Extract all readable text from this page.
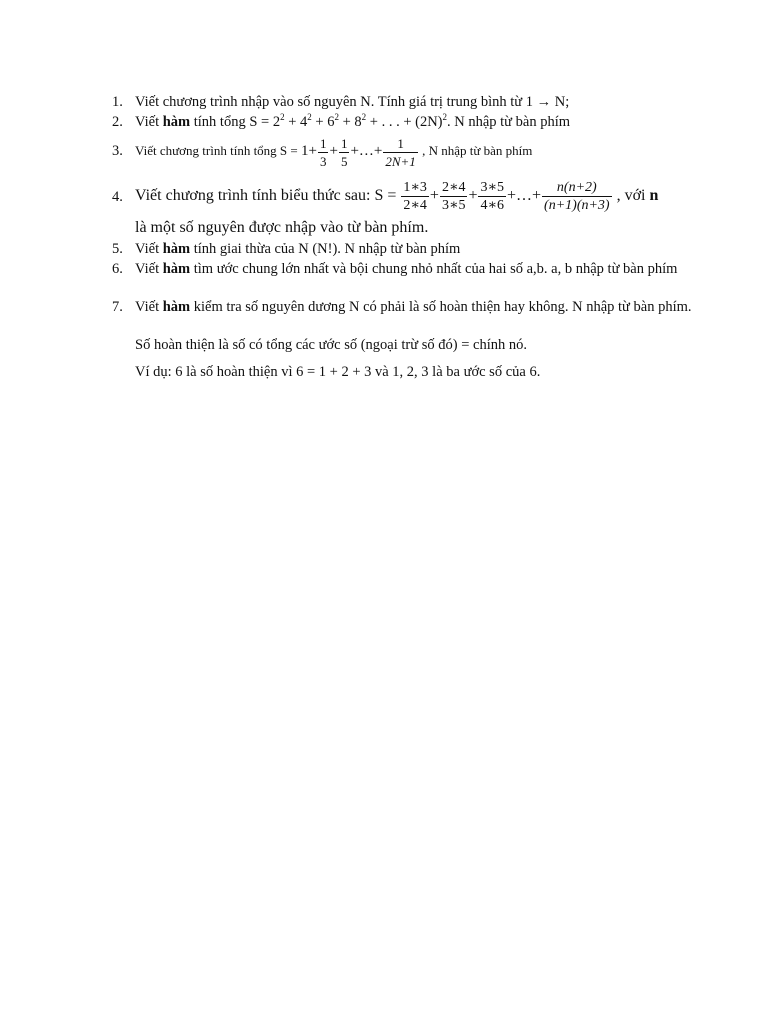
1. Viết chương trình nhập vào số nguyên N. Tính giá trị trung bình từ 1 → N;
2. Viết hàm tính tổng $S = 2^2 + 4^2 + 6^2 + 8^2$ + . . . + $(2N)^2$. N nhập từ bàn phím
3. Viết chương trình tính tổng $S = 1+ \frac{1}{3} + \frac{1}{5}$ +…+ $\frac{1}{2N+1}$ , N nhập từ bàn phím
4. Viết chương trình tính biểu thức sau: $S = \frac{1∗3}{2∗4} + \frac{2∗4}{3∗5} + \frac{3∗5}{4∗6}$ +…+ $\frac{n(n+2)}{(n+1)(n+3)}$ , với n
là một số nguyên được nhập vào từ bàn phím.
5. Viết hàm tính giai thừa của N (N!). N nhập từ bàn phím
6. Viết hàm tìm ước chung lớn nhất và bội chung nhỏ nhất của hai số a,b. a, b nhập từ bàn phím
7. Viết hàm kiểm tra số nguyên dương N có phải là số hoàn thiện hay không. N nhập từ bàn phím.
Số hoàn thiện là số có tổng các ước số (ngoại trừ số đó) = chính nó.
Ví dụ: 6 là số hoàn thiện vì 6 = 1 + 2 + 3 và 1, 2, 3 là ba ước số của 6.
